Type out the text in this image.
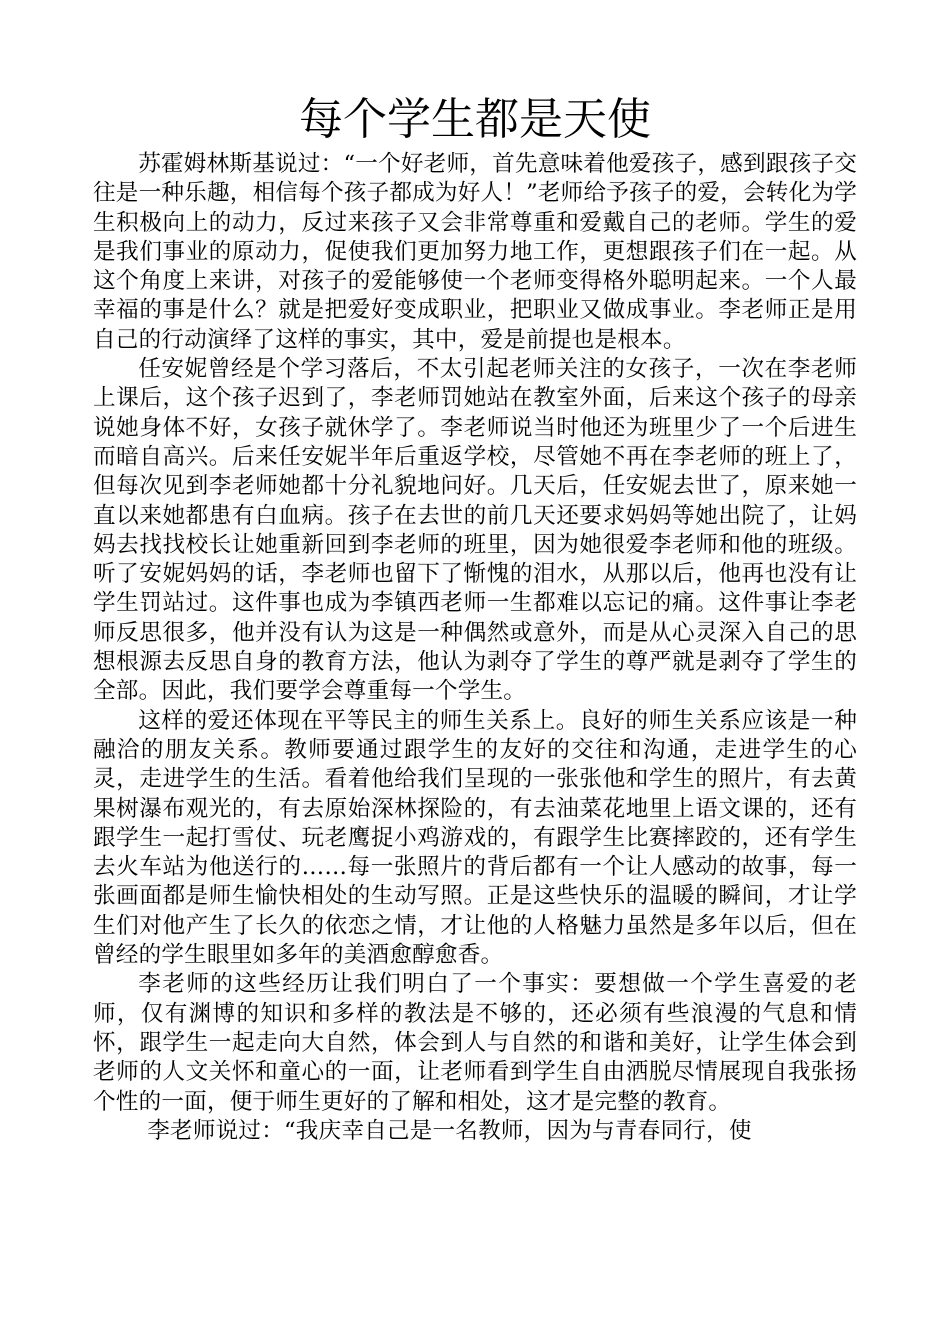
每个学生都是天使

苏霍姆林斯基说过：“一个好老师，首先意味着他爱孩子，感到跟孩子交往是一种乐趣，相信每个孩子都成为好人！”老师给予孩子的爱，会转化为学生积极向上的动力，反过来孩子又会非常尊重和爱戴自己的老师。学生的爱是我们事业的原动力，促使我们更加努力地工作，更想跟孩子们在一起。从这个角度上来讲，对孩子的爱能够使一个老师变得格外聪明起来。一个人最幸福的事是什么？就是把爱好变成职业，把职业又做成事业。李老师正是用自己的行动演绎了这样的事实，其中，爱是前提也是根本。

任安妮曾经是个学习落后，不太引起老师关注的女孩子，一次在李老师上课后，这个孩子迟到了，李老师罚她站在教室外面，后来这个孩子的母亲说她身体不好，女孩子就休学了。李老师说当时他还为班里少了一个后进生而暗自高兴。后来任安妮半年后重返学校，尽管她不再在李老师的班上了，但每次见到李老师她都十分礼貌地问好。几天后，任安妮去世了，原来她一直以来她都患有白血病。孩子在去世的前几天还要求妈妈等她出院了，让妈妈去找找校长让她重新回到李老师的班里，因为她很爱李老师和他的班级。听了安妮妈妈的话，李老师也留下了惭愧的泪水，从那以后，他再也没有让学生罚站过。这件事也成为李镇西老师一生都难以忘记的痛。这件事让李老师反思很多，他并没有认为这是一种偶然或意外，而是从心灵深入自己的思想根源去反思自身的教育方法，他认为剥夺了学生的尊严就是剥夺了学生的全部。因此，我们要学会尊重每一个学生。

这样的爱还体现在平等民主的师生关系上。良好的师生关系应该是一种融洽的朋友关系。教师要通过跟学生的友好的交往和沟通，走进学生的心灵，走进学生的生活。看着他给我们呈现的一张张他和学生的照片，有去黄果树瀑布观光的，有去原始深林探险的，有去油菜花地里上语文课的，还有跟学生一起打雪仗、玩老鹰捉小鸡游戏的，有跟学生比赛摔跤的，还有学生去火车站为他送行的……每一张照片的背后都有一个让人感动的故事，每一张画面都是师生愉快相处的生动写照。正是这些快乐的温暖的瞬间，才让学生们对他产生了长久的依恋之情，才让他的人格魅力虽然是多年以后，但在曾经的学生眼里如多年的美酒愈醇愈香。

李老师的这些经历让我们明白了一个事实：要想做一个学生喜爱的老师，仅有渊博的知识和多样的教法是不够的，还必须有些浪漫的气息和情怀，跟学生一起走向大自然，体会到人与自然的和谐和美好，让学生体会到老师的人文关怀和童心的一面，让老师看到学生自由洒脱尽情展现自我张扬个性的一面，便于师生更好的了解和相处，这才是完整的教育。

李老师说过：“我庆幸自己是一名教师，因为与青春同行，使
